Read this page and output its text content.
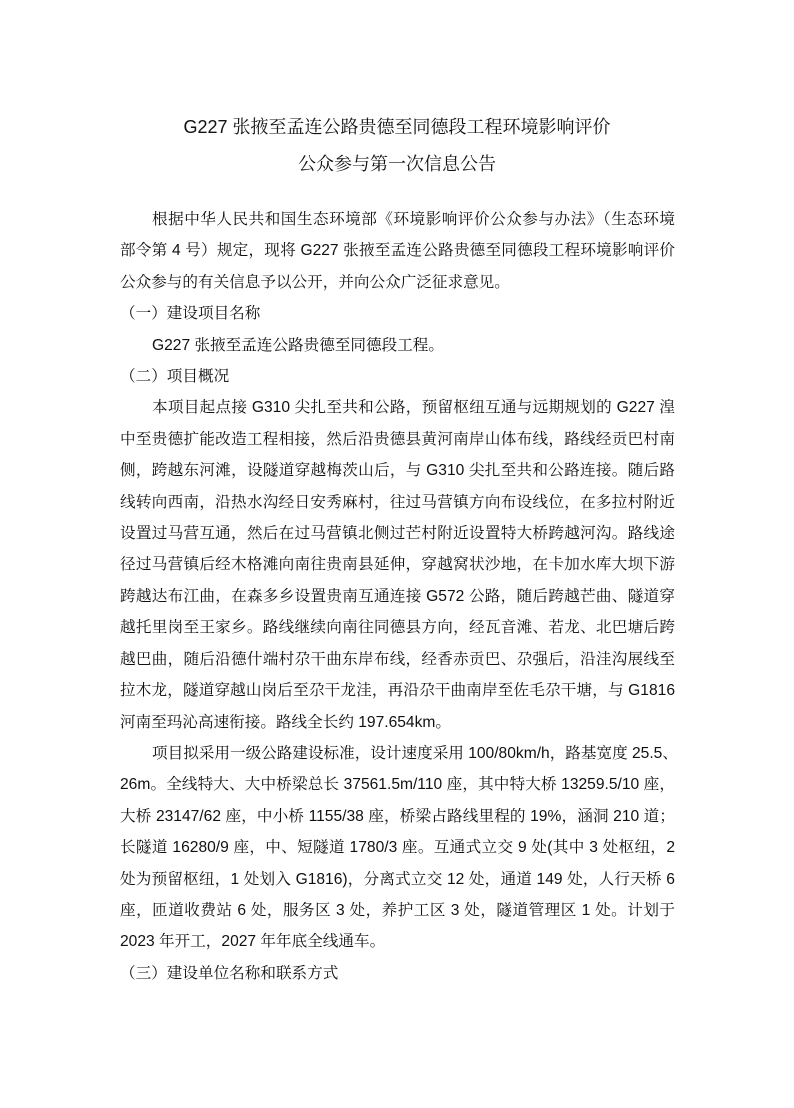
G227 张掖至孟连公路贵德至同德段工程环境影响评价
公众参与第一次信息公告
根据中华人民共和国生态环境部《环境影响评价公众参与办法》（生态环境
部令第 4 号）规定，现将 G227 张掖至孟连公路贵德至同德段工程环境影响评价
公众参与的有关信息予以公开，并向公众广泛征求意见。
（一）建设项目名称
G227 张掖至孟连公路贵德至同德段工程。
（二）项目概况
本项目起点接 G310 尖扎至共和公路，预留枢纽互通与远期规划的 G227 湟
中至贵德扩能改造工程相接，然后沿贵德县黄河南岸山体布线，路线经贡巴村南
侧，跨越东河滩，设隧道穿越梅茨山后，与 G310 尖扎至共和公路连接。随后路
线转向西南，沿热水沟经日安秀麻村，往过马营镇方向布设线位，在多拉村附近
设置过马营互通，然后在过马营镇北侧过芒村附近设置特大桥跨越河沟。路线途
径过马营镇后经木格滩向南往贵南县延伸，穿越窝状沙地，在卡加水库大坝下游
跨越达布江曲，在森多乡设置贵南互通连接 G572 公路，随后跨越芒曲、隧道穿
越托里岗至王家乡。路线继续向南往同德县方向，经瓦音滩、若龙、北巴塘后跨
越巴曲，随后沿德什端村尕干曲东岸布线，经香赤贡巴、尕强后，沿洼沟展线至
拉木龙，隧道穿越山岗后至尕干龙洼，再沿尕干曲南岸至佐毛尕干塘，与 G1816
河南至玛沁高速衔接。路线全长约 197.654km。
项目拟采用一级公路建设标准，设计速度采用 100/80km/h，路基宽度 25.5、
26m。全线特大、大中桥梁总长 37561.5m/110 座，其中特大桥 13259.5/10 座，
大桥 23147/62 座，中小桥 1155/38 座，桥梁占路线里程的 19%，涵洞 210 道；
长隧道 16280/9 座，中、短隧道 1780/3 座。互通式立交 9 处(其中 3 处枢纽，2
处为预留枢纽，1 处划入 G1816)，分离式立交 12 处，通道 149 处，人行天桥 6
座，匝道收费站 6 处，服务区 3 处，养护工区 3 处，隧道管理区 1 处。计划于
2023 年开工，2027 年年底全线通车。
（三）建设单位名称和联系方式
